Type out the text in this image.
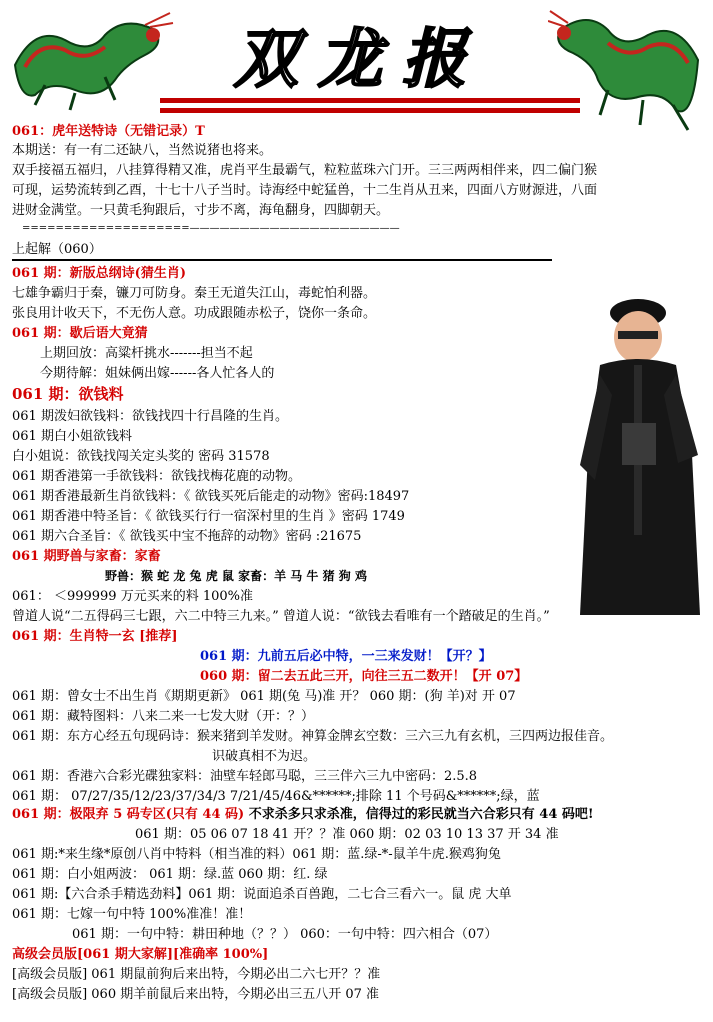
双龙报
061：虎年送特诗（无错记录）T
本期送：有一有二还缺八，当然说猪也将来。
双手接福五福归，八挂算得精又准，虎肖平生最霸气，粒粒蓝珠六门开。三三两两相伴来，四二偏门猴
可现，运势流转到乙酉，十七十八子当时。诗海经中蛇猛兽，十二生肖从丑来，四面八方财源进，八面
进财金满堂。一只黄毛狗跟后，寸步不离，海龟翻身，四脚朝天。
====================—————————————————————
上起解（060）
061 期：新版总纲诗(猜生肖)
七雄争霸归于秦，镰刀可防身。秦王无道失江山，毒蛇怕利器。
张良用计收天下，不无伤人意。功成跟随赤松子，饶你一条命。
061 期：歇后语大竟猜
上期回放：高粱杆挑水-------担当不起
今期待解：姐妹俩出嫁------各人忙各人的
061 期：欲钱料
061 期泼妇欲钱料：欲钱找四十行昌隆的生肖。
061 期白小姐欲钱料
白小姐说：欲钱找闯关定头奖的 密码 31578
061 期香港第一手欲钱料：欲钱找梅花鹿的动物。
061 期香港最新生肖欲钱料：《 欲钱买死后能走的动物》密码:18497
061 期香港中特圣旨：《 欲钱买行行一宿深村里的生肖 》密码 1749
061 期六合圣旨：《 欲钱买中宝不拖辞的动物》密码 :21675
061 期野兽与家畜：家畜
野兽：猴 蛇 龙 兔 虎 鼠 家畜：羊 马 牛 猪 狗 鸡
061： ＜999999 万元买来的料 100%准
曾道人说“二五得码三七跟，六二中特三九来。” 曾道人说：“欲钱去看唯有一个踏破足的生肖。”
061 期：生肖特一玄 [推荐]
061 期：九前五后必中特，一三来发财！【开？】
060 期：留二去五此三开，向往三五二数开！【开 07】
061 期：曾女士不出生肖《期期更新》 061 期(兔 马)准 开？ 060 期：(狗 羊)对 开 07
061 期：藏特图料：八来二来一七发大财（开：？）
061 期：东方心经五句现码诗：猴来猪到羊发财。神算金牌玄空数：三六三九有玄机，三四两边报佳音。
识破真相不为迟。
061 期：香港六合彩光碟独家料：油壁车轻郎马聪，三三伴六三九中密码：2.5.8
061 期： 07/27/35/12/23/37/34/3 7/21/45/46&******;排除 11 个号码&******;绿，蓝
061 期：极限弃 5 码专区(只有 44 码) 不求杀多只求杀准，信得过的彩民就当六合彩只有 44 码吧!
061 期：05 06 07 18 41 开？？准 060 期：02 03 10 13 37 开 34 准
061 期:*来生缘*原创八肖中特料（相当准的料）061 期：蓝.绿-*-鼠羊牛虎.猴鸡狗兔
061 期：白小姐两波： 061 期：绿.蓝 060 期：红. 绿
061 期:【六合杀手精选劲料】061 期：说面追杀百兽跑，二七合三看六一。鼠 虎 大单
061 期：七嫁一句中特 100%准准！准！
061 期：一句中特：耕田种地（？？） 060：一句中特：四六相合（07）
高级会员版[061 期大家解][准确率 100%]
[高级会员版] 061 期鼠前狗后来出特，今期必出二六七开？？准
[高级会员版] 060 期羊前鼠后来出特，今期必出三五八开 07 准
